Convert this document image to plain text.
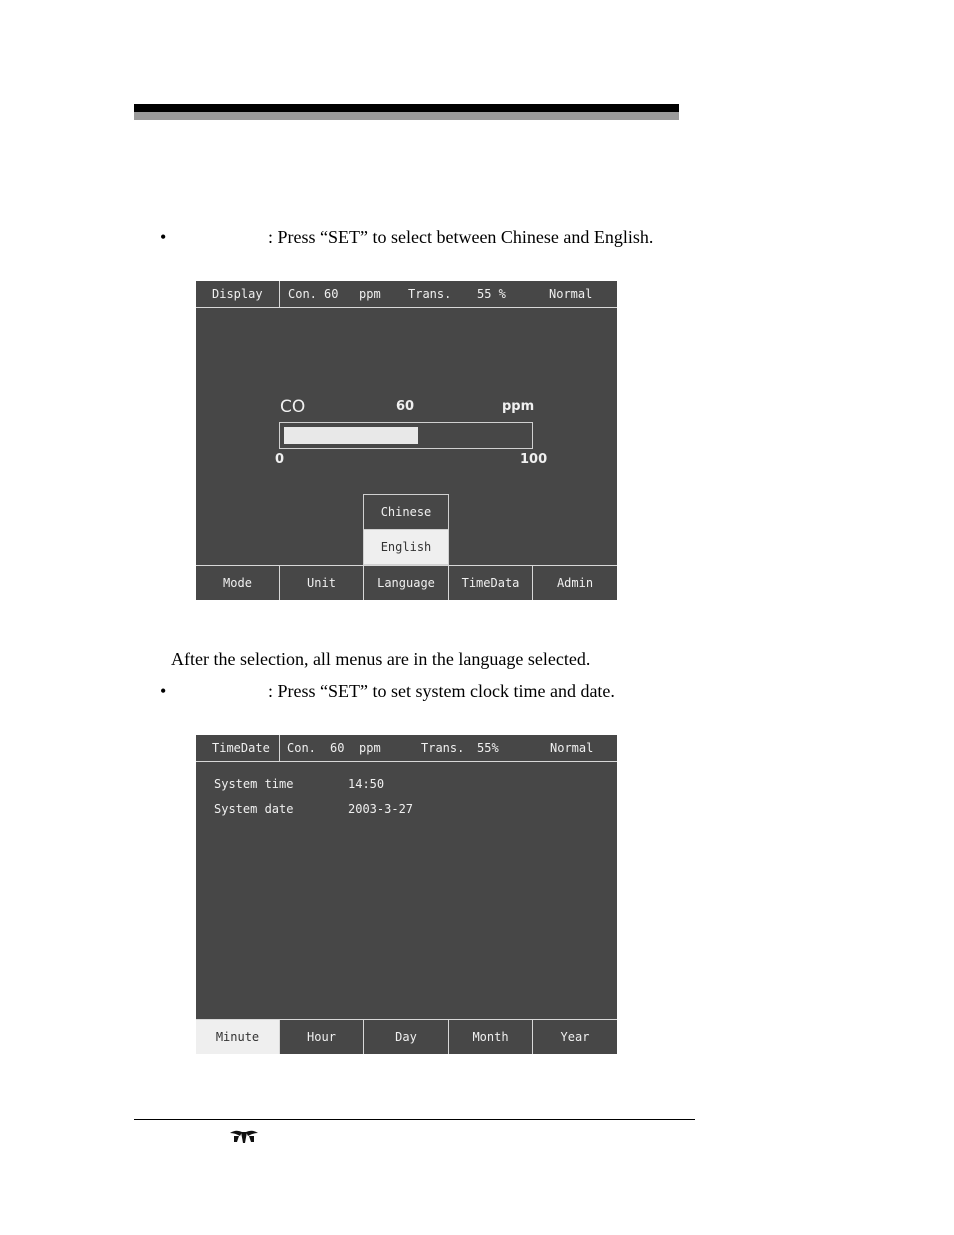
•	: Press “SET” to select between Chinese and English.
Display Con. 60 ppm Trans. 55 %	Normal
CO	60	ppm
0	100
Chinese
English
Mode	Unit	Language	TimeData	Admin
After the selection, all menus are in the language selected.
•	: Press “SET” to set system clock time and date.
TimeDate Con. 60 ppm	Trans. 55%	Normal
System time	14:50
System date	2003-3-27
Minute	Hour	Day	Month	Year
